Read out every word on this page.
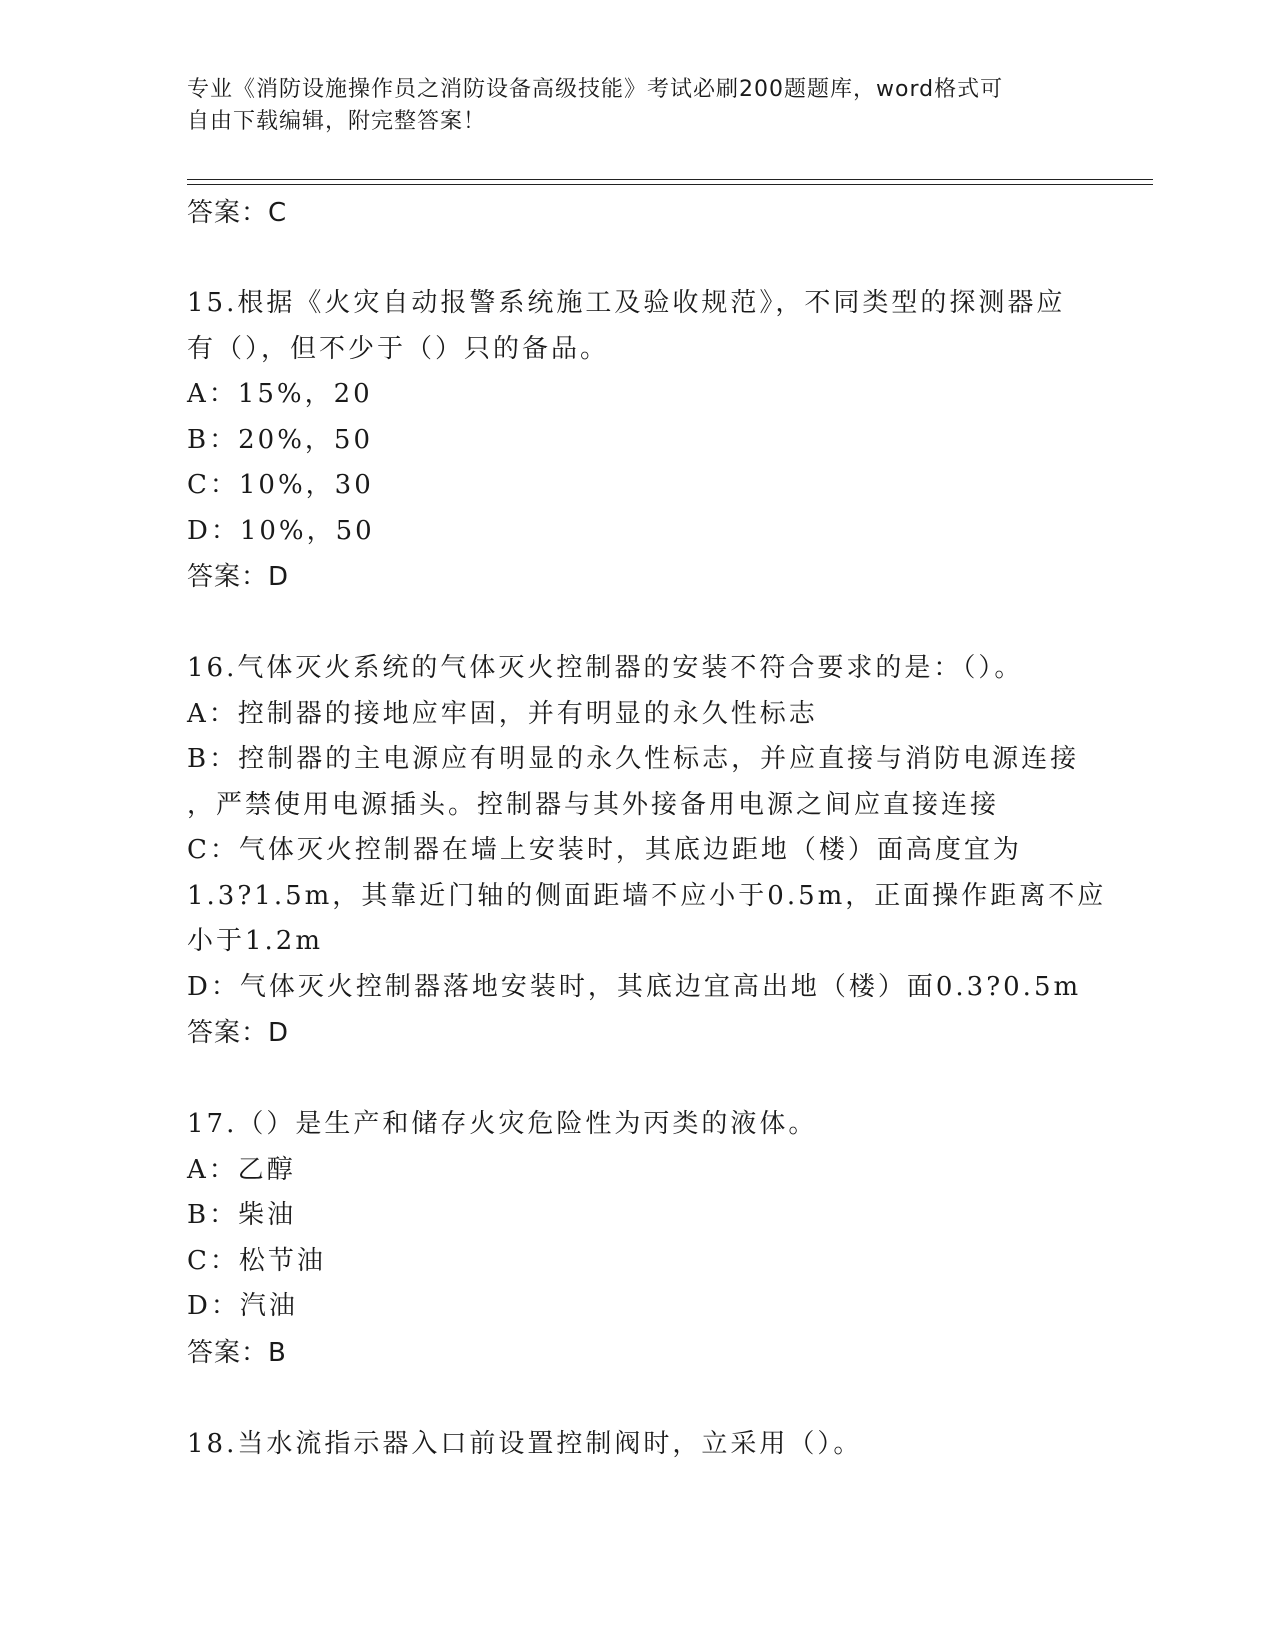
专业《消防设施操作员之消防设备高级技能》考试必刷200题题库，word格式可
自由下载编辑，附完整答案！
答案：C
15.根据《火灾自动报警系统施工及验收规范》，不同类型的探测器应
有（），但不少于（）只的备品。
A：15%，20
B：20%，50
C：10%，30
D：10%，50
答案：D
16.气体灭火系统的气体灭火控制器的安装不符合要求的是：（）。
A：控制器的接地应牢固，并有明显的永久性标志
B：控制器的主电源应有明显的永久性标志，并应直接与消防电源连接
，严禁使用电源插头。控制器与其外接备用电源之间应直接连接
C：气体灭火控制器在墙上安装时，其底边距地（楼）面高度宜为
1.3?1.5m，其靠近门轴的侧面距墙不应小于0.5m，正面操作距离不应
小于1.2m
D：气体灭火控制器落地安装时，其底边宜高出地（楼）面0.3?0.5m
答案：D
17.（）是生产和储存火灾危险性为丙类的液体。
A：乙醇
B：柴油
C：松节油
D：汽油
答案：B
18.当水流指示器入口前设置控制阀时，立采用（）。
